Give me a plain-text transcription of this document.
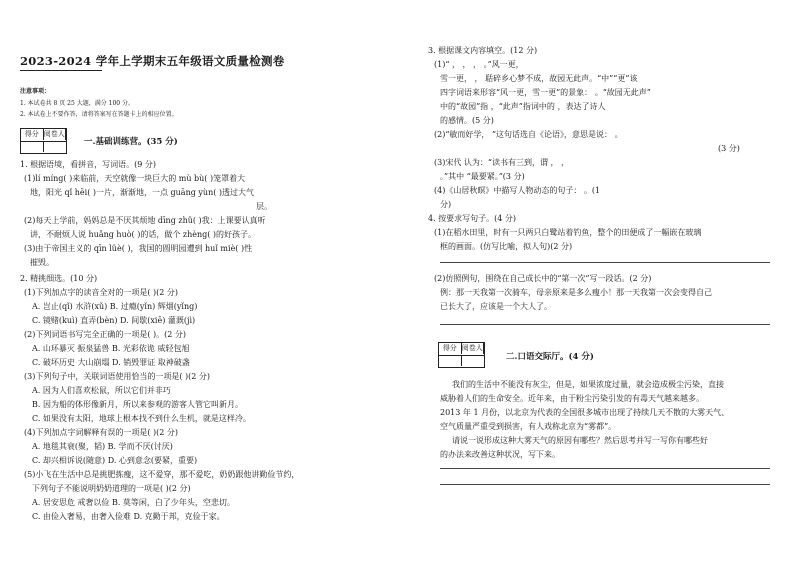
2023-2024 学年上学期末五年级语文质量检测卷
注意事项：
1. 本试卷共 8 页 25 大题，满分 100 分。
2. 本试卷上不要作答，请将答案写在答题卡上的相应位置。
得分 阅卷人
一.基础训练营。(35 分)
1. 根据语境，看拼音，写词语。(9 分)
(1)lí míng( )来临前，天空就像一块巨大的 mù bù( )笼罩着大
地，阳光 qǐ hēi( )一片，渐渐地，一点 guāng yùn( )透过大气
层。
(2)每天上学前，妈妈总是不厌其烦地 dīng zhǔ( )我：上课要认真听
讲，不耐烦人说 huǎng huò( )的话，做个 zhèng( )的好孩子。
(3)由于帝国主义的 qīn lüè( )，我国的圆明园遭到 huǐ miè( )性
摧毁。
2. 精挑细选。(10 分)
(1)下列加点字的读音全对的一项是( )(2 分)
A. 岂止(qǐ) 水浒(xǔ) B. 过瘾(yǐn) 辉烟(yǐng)
C. 镜赌(kuì) 直弄(bèn) D. 间歇(xiē) 灌溉(jì)
(2)下列词语书写完全正确的一项是( )。(2 分)
A. 山环暴灭 振泉猛兽 B. 光彩依诡 威轻包旭
C. 破坏历史 大山崩塌 D. 销毁罪证 取神破盏
(3)下列句子中，关联词语使用恰当的一项是( )(2 分)
A. 因为人们喜欢松鼠，所以它们并非巧
B. 因为船的体形像新月，所以来参观的游客人管它叫新月。
C. 如果没有太阳，地球上根本找不到什么生机，就是这样冷。
(4)下列加点字词解释有误的一项是( )(2 分)
A. 地毯其衰(聚，韬) B. 学而不厌(讨厌)
C. 却兴相诉说(随意) D. 心到意念(要紧，重要)
(5)小飞在生活中总是挑肥拣瘦，这不爱穿，那不爱吃，奶奶跟他讲勤俭节约，
下列句子不能说明奶奶道理的一项是( )(2 分)
A. 居安思危 戒奢以俭 B. 莫等闲，白了少年头，空悲切。
C. 由俭入奢易，由奢入俭难 D. 克勤于邦，克俭于家。
3. 根据课文内容填空。(12 分)
(1)“ ， ， ， 。”风一更，
雪一更， ， 聒碎乡心梦不成，故园无此声。“中”“更”该
四字词语来形容“风一更，雪一更”的景象： 。“故园无此声”
中的“故园”指 ，“此声”指词中的 ，表达了诗人
的感情。(5 分)
(2)“敏而好学， ”这句话选自《论语》，意思是说： 。
(3 分)
(3)宋代 认为：“读书有三到，谓 ， ，
。”其中 “最要紧。”(3 分)
(4)《山居秋暝》中描写人物动态的句子： 。(1
分)
4. 按要求写句子。(4 分)
(1)在稻水田里，时有一只两只白鹭站着钓鱼，整个的田便成了一幅嵌在玻璃
框的画面。(仿写比喻，拟人句)(2 分)
(2)仿照例句，围绕在自己成长中的“第一次”写一段话。(2 分)
例：那一天我第一次骑车，母亲原来是多么瘦小！那一天我第一次会变得自己
已长大了，应该是一个大人了。
得分 阅卷人
二.口语交际厅。(4 分)
我们的生活中不能没有灰尘，但是，如果浓度过量，就会造成极尘污染，直接
威胁着人们的生命安全。近年来，由于粉尘污染引发的有毒天气越来越多。
2013 年 1 月份，以北京为代表的全国很多城市出现了持续几天不散的大雾天气、
空气质量严重受到损害，有人戏称北京为“雾都”。
请说一说形成这种大雾天气的原因有哪些？然后思考并写一写你有哪些好
的办法来改善这种状况，写下来。
